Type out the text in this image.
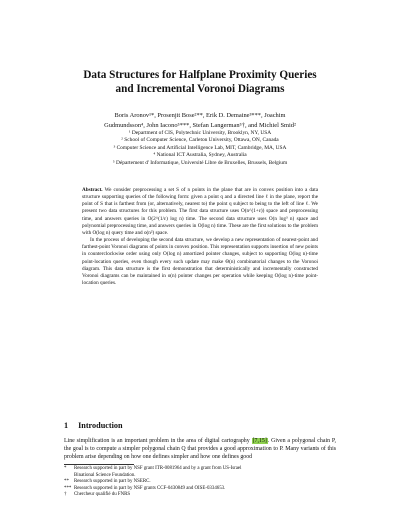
Data Structures for Halfplane Proximity Queries
and Incremental Voronoi Diagrams
Boris Aronov¹*, Prosenjit Bose²**, Erik D. Demaine³***, Joachim
Gudmundsson⁴, John Iacono⁵***, Stefan Langerman⁵†, and Michiel Smid²
¹ Department of CIS, Polytechnic University, Brooklyn, NY, USA
² School of Computer Science, Carleton University, Ottawa, ON, Canada
³ Computer Science and Artificial Intelligence Lab, MIT, Cambridge, MA, USA
⁴ National ICT Australia, Sydney, Australia
⁵ Département d' Informatique, Université Libre de Bruxelles, Brussels, Belgium

Abstract. We consider preprocessing a set S of n points in the plane that are in convex position into a data structure supporting queries of the following form: given a point q and a directed line ℓ in the plane, report the point of S that is farthest from (or, alternatively, nearest to) the point q subject to being to the left of line ℓ. We present two data structures for this problem. The first data structure uses O(n^(1+ε)) space and preprocessing time, and answers queries in O(2^(1/ε) log n) time. The second data structure uses O(n log³ n) space and polynomial preprocessing time, and answers queries in O(log n) time. These are the first solutions to the problem with O(log n) query time and o(n²) space.

In the process of developing the second data structure, we develop a new representation of nearest-point and farthest-point Voronoi diagrams of points in convex position. This representation supports insertion of new points in counterclockwise order using only O(log n) amortized pointer changes, subject to supporting O(log n)-time point-location queries, even though every such update may make Θ(n) combinatorial changes to the Voronoi diagram. This data structure is the first demonstration that deterministically and incrementally constructed Voronoi diagrams can be maintained in o(n) pointer changes per operation while keeping O(log n)-time point-location queries.

1 Introduction

Line simplification is an important problem in the area of digital cartography [7,15]. Given a polygonal chain P, the goal is to compute a simpler polygonal chain Q that provides a good approximation to P. Many variants of this problem arise depending on how one defines simpler and how one defines good

* Research supported in part by NSF grant ITR-0081964 and by a grant from US-Israel
Binational Science Foundation.
** Research supported in part by NSERC.
*** Research supported in part by NSF grants CCF-0430849 and OISE-0334653.
† Chercheur qualifié du FNRS
